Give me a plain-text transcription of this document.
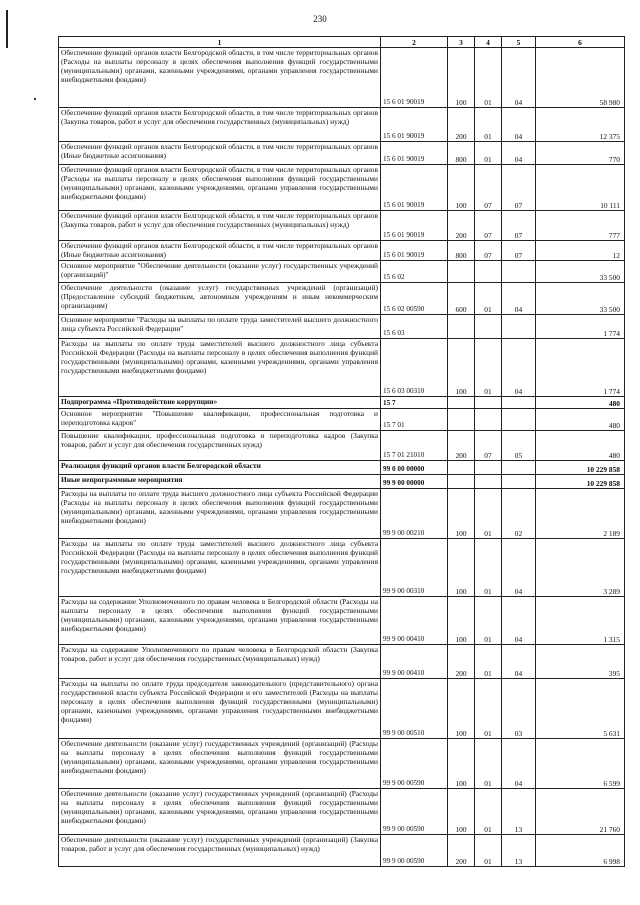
230
1	2	3	4	5	6
Обеспечение функций органов власти Белгородской области, в том числе территориальных органов (Расходы на выплаты персоналу в целях обеспечения выполнения функций государственными (муниципальными) органами, казенными учреждениями, органами управления государственными внебюджетными фондами)	15 6 01 90019	100	01	04	58 980
Обеспечение функций органов власти Белгородской области, в том числе территориальных органов (Закупка товаров, работ и услуг для обеспечения государственных (муниципальных) нужд)	15 6 01 90019	200	01	04	12 375
Обеспечение функций органов власти Белгородской области, в том числе территориальных органов (Иные бюджетные ассигнования)	15 6 01 90019	800	01	04	770
Обеспечение функций органов власти Белгородской области, в том числе территориальных органов (Расходы на выплаты персоналу в целях обеспечения выполнения функций государственными (муниципальными) органами, казенными учреждениями, органами управления государственными внебюджетными фондами)	15 6 01 90019	100	07	07	10 111
Обеспечение функций органов власти Белгородской области, в том числе территориальных органов (Закупка товаров, работ и услуг для обеспечения государственных (муниципальных) нужд)	15 6 01 90019	200	07	07	777
Обеспечение функций органов власти Белгородской области, в том числе территориальных органов (Иные бюджетные ассигнования)	15 6 01 90019	800	07	07	12
Основное мероприятие "Обеспечение деятельности (оказание услуг) государственных учреждений (организаций)"	15 6 02				33 500
Обеспечение деятельности (оказание услуг) государственных учреждений (организаций) (Предоставление субсидий бюджетным, автономным учреждениям и иным некоммерческим организациям)	15 6 02 00590	600	01	04	33 500
Основное мероприятие "Расходы на выплаты по оплате труда заместителей высшего должностного лица субъекта Российской Федерации"	15 6 03				1 774
Расходы на выплаты по оплате труда заместителей высшего должностного лица субъекта Российской Федерации (Расходы на выплаты персоналу в целях обеспечения выполнения функций государственными (муниципальными) органами, казенными учреждениями, органами управления государственными внебюджетными фондами)	15 6 03 00310	100	01	04	1 774
Подпрограмма «Противодействие коррупции»	15 7				480
Основное мероприятие "Повышение квалификации, профессиональная подготовка и переподготовка кадров"	15 7 01				480
Повышение квалификации, профессиональная подготовка и переподготовка кадров (Закупка товаров, работ и услуг для обеспечения государственных нужд)	15 7 01 21010	200	07	05	480
Реализация функций органов власти Белгородской области	99 0 00 00000				10 229 858
Иные непрограммные мероприятия	99 9 00 00000				10 229 858
Расходы на выплаты по оплате труда высшего должностного лица субъекта Российской Федерации (Расходы на выплаты персоналу в целях обеспечения выполнения функций государственными (муниципальными) органами, казенными учреждениями, органами управления государственными внебюджетными фондами)	99 9 00 00210	100	01	02	2 189
Расходы на выплаты по оплате труда заместителей высшего должностного лица субъекта Российской Федерации (Расходы на выплаты персоналу в целях обеспечения выполнения функций государственными (муниципальными) органами, казенными учреждениями, органами управления государственными внебюджетными фондами)	99 9 00 00310	100	01	04	3 289
Расходы на содержание Уполномоченного по правам человека в Белгородской области (Расходы на выплаты персоналу в целях обеспечения выполнения функций государственными (муниципальными) органами, казенными учреждениями, органами управления государственными внебюджетными фондами)	99 9 00 00410	100	01	04	1 315
Расходы на содержание Уполномоченного по правам человека в Белгородской области (Закупка товаров, работ и услуг для обеспечения государственных (муниципальных) нужд)	99 9 00 00410	200	01	04	395
Расходы на выплаты по оплате труда председателя законодательного (представительного) органа государственной власти субъекта Российской Федерации и его заместителей (Расходы на выплаты персоналу в целях обеспечения выполнения функций государственными (муниципальными) органами, казенными учреждениями, органами управления государственными внебюджетными фондами)	99 9 00 00510	100	01	03	5 631
Обеспечение деятельности (оказание услуг) государственных учреждений (организаций) (Расходы на выплаты персоналу в целях обеспечения выполнения функций государственными (муниципальными) органами, казенными учреждениями, органами управления государственными внебюджетными фондами)	99 9 00 00590	100	01	04	6 599
Обеспечение деятельности (оказание услуг) государственных учреждений (организаций) (Расходы на выплаты персоналу в целях обеспечения выполнения функций государственными (муниципальными) органами, казенными учреждениями, органами управления государственными внебюджетными фондами)	99 9 00 00590	100	01	13	21 760
Обеспечение деятельности (оказание услуг) государственных учреждений (организаций) (Закупка товаров, работ и услуг для обеспечения государственных (муниципальных) нужд)	99 9 00 00590	200	01	13	6 998
